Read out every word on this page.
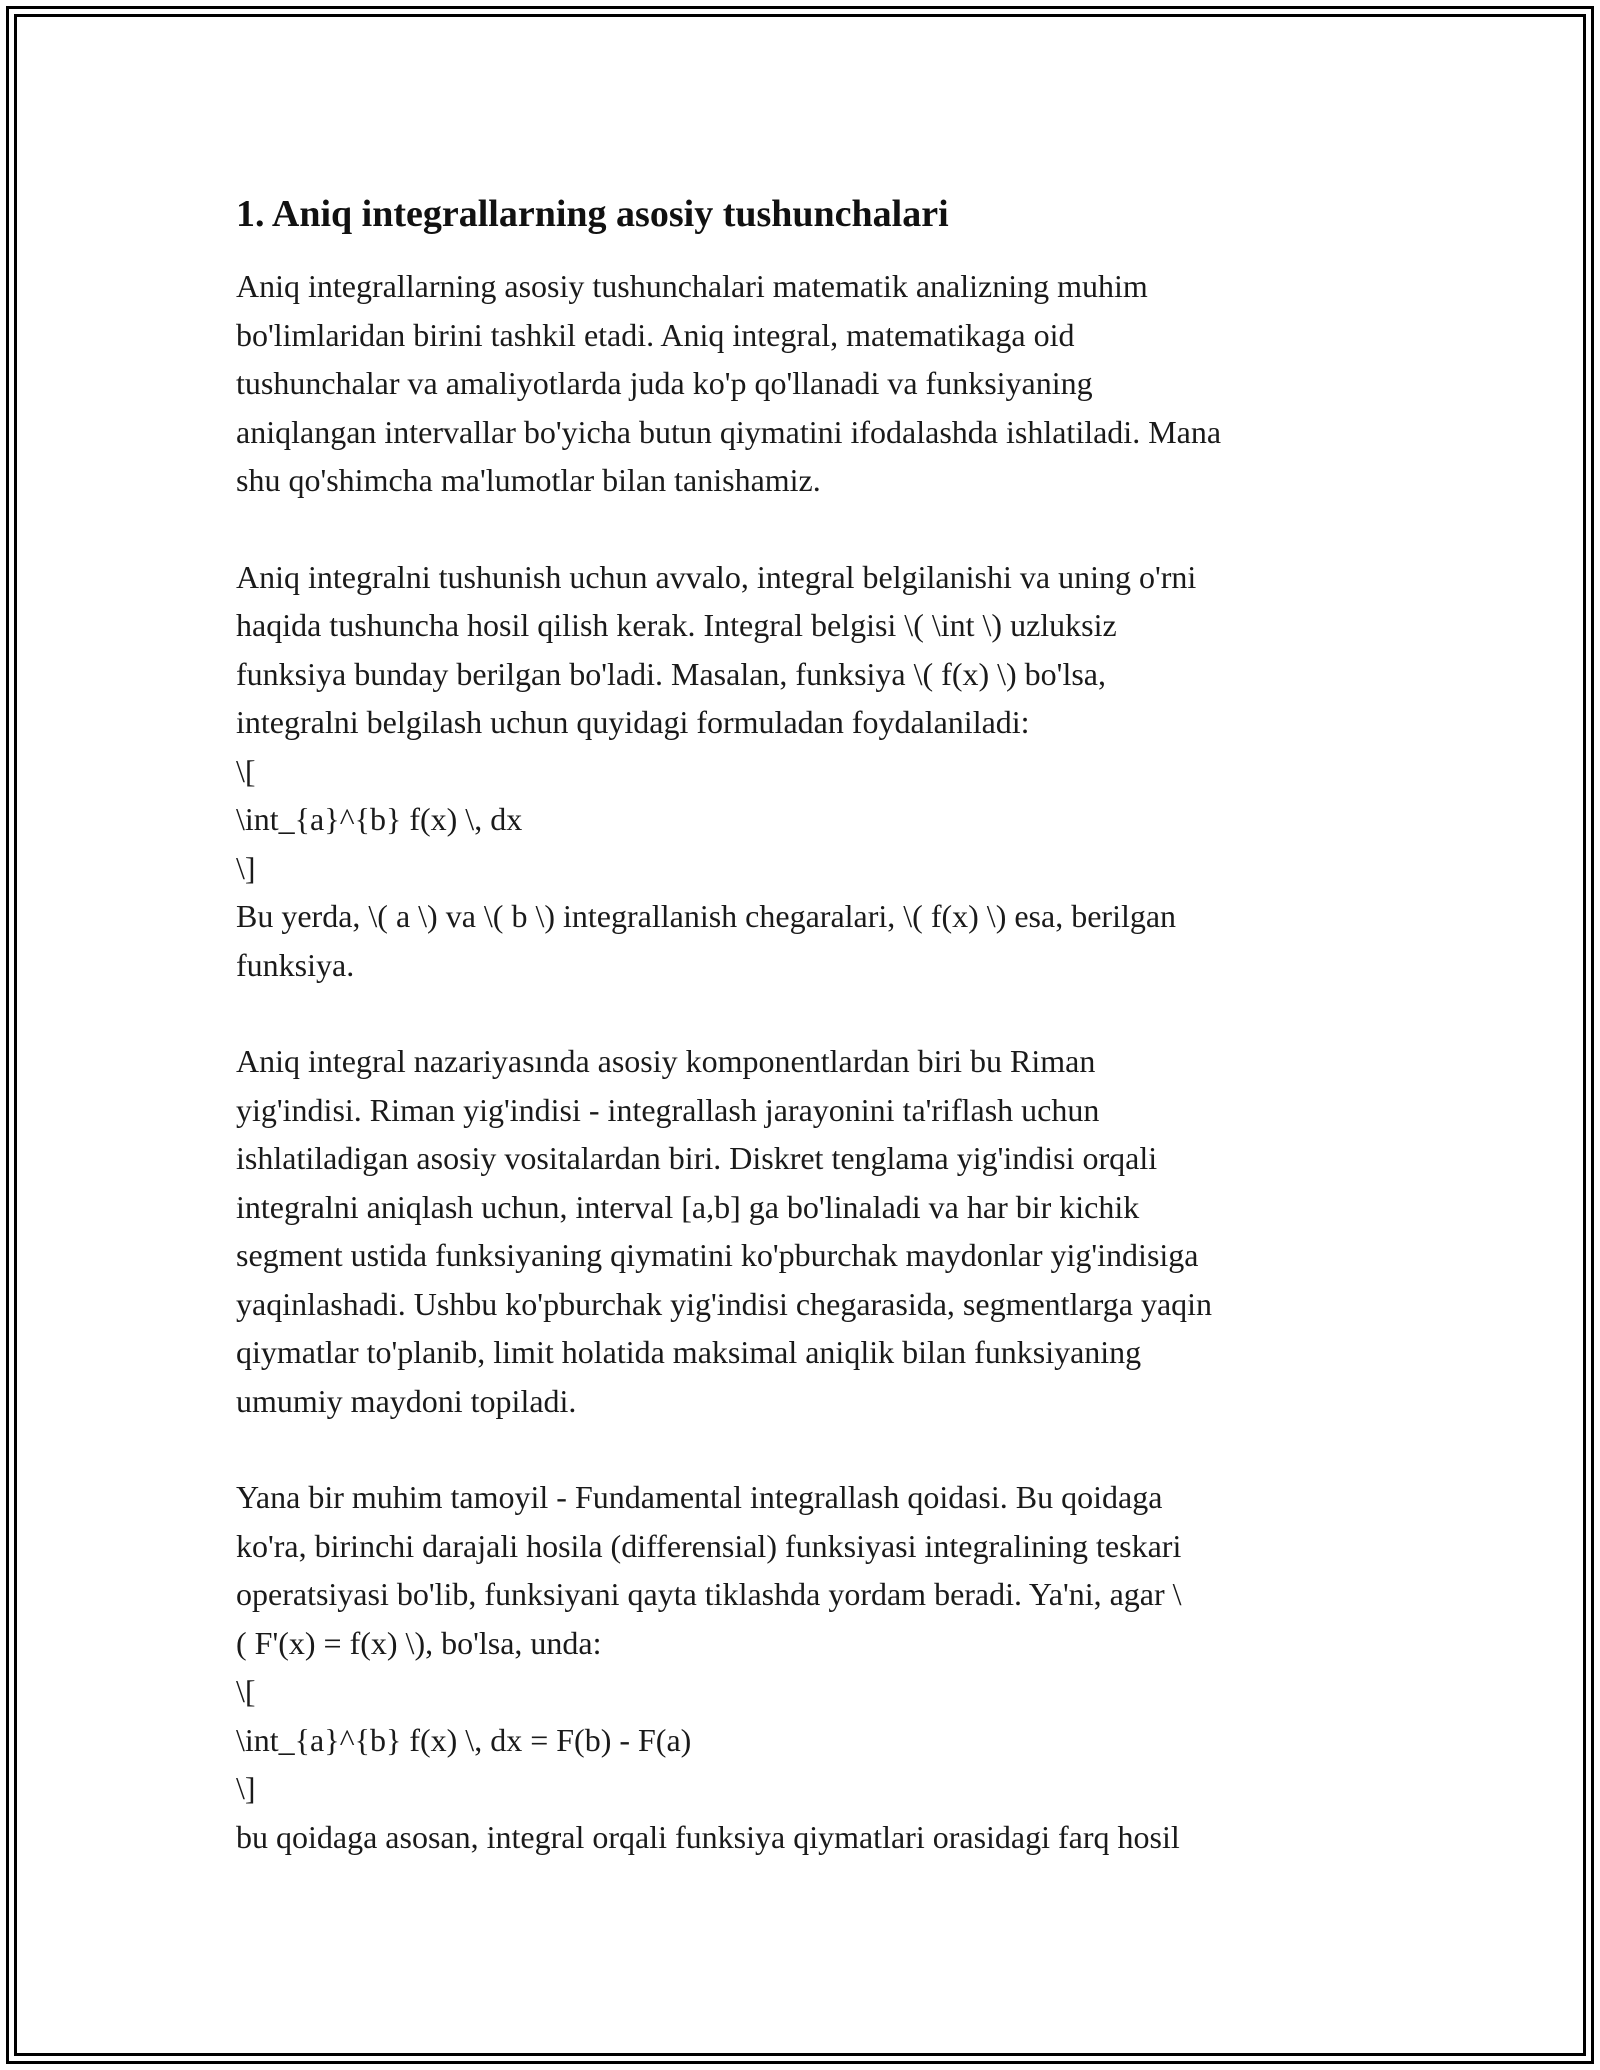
1. Aniq integrallarning asosiy tushunchalari

Aniq integrallarning asosiy tushunchalari matematik analizning muhim
bo'limlaridan birini tashkil etadi. Aniq integral, matematikaga oid
tushunchalar va amaliyotlarda juda ko'p qo'llanadi va funksiyaning
aniqlangan intervallar bo'yicha butun qiymatini ifodalashda ishlatiladi. Mana
shu qo'shimcha ma'lumotlar bilan tanishamiz.

Aniq integralni tushunish uchun avvalo, integral belgilanishi va uning o'rni
haqida tushuncha hosil qilish kerak. Integral belgisi \( \int \) uzluksiz
funksiya bunday berilgan bo'ladi. Masalan, funksiya \( f(x) \) bo'lsa,
integralni belgilash uchun quyidagi formuladan foydalaniladi:
\[
\int_{a}^{b} f(x) \, dx
\]
Bu yerda, \( a \) va \( b \) integrallanish chegaralari, \( f(x) \) esa, berilgan
funksiya.

Aniq integral nazariyasında asosiy komponentlardan biri bu Riman
yig'indisi. Riman yig'indisi - integrallash jarayonini ta'riflash uchun
ishlatiladigan asosiy vositalardan biri. Diskret tenglama yig'indisi orqali
integralni aniqlash uchun, interval [a,b] ga bo'linaladi va har bir kichik
segment ustida funksiyaning qiymatini ko'pburchak maydonlar yig'indisiga
yaqinlashadi. Ushbu ko'pburchak yig'indisi chegarasida, segmentlarga yaqin
qiymatlar to'planib, limit holatida maksimal aniqlik bilan funksiyaning
umumiy maydoni topiladi.

Yana bir muhim tamoyil - Fundamental integrallash qoidasi. Bu qoidaga
ko'ra, birinchi darajali hosila (differensial) funksiyasi integralining teskari
operatsiyasi bo'lib, funksiyani qayta tiklashda yordam beradi. Ya'ni, agar \
( F'(x) = f(x) \), bo'lsa, unda:
\[
\int_{a}^{b} f(x) \, dx = F(b) - F(a)
\]
bu qoidaga asosan, integral orqali funksiya qiymatlari orasidagi farq hosil
